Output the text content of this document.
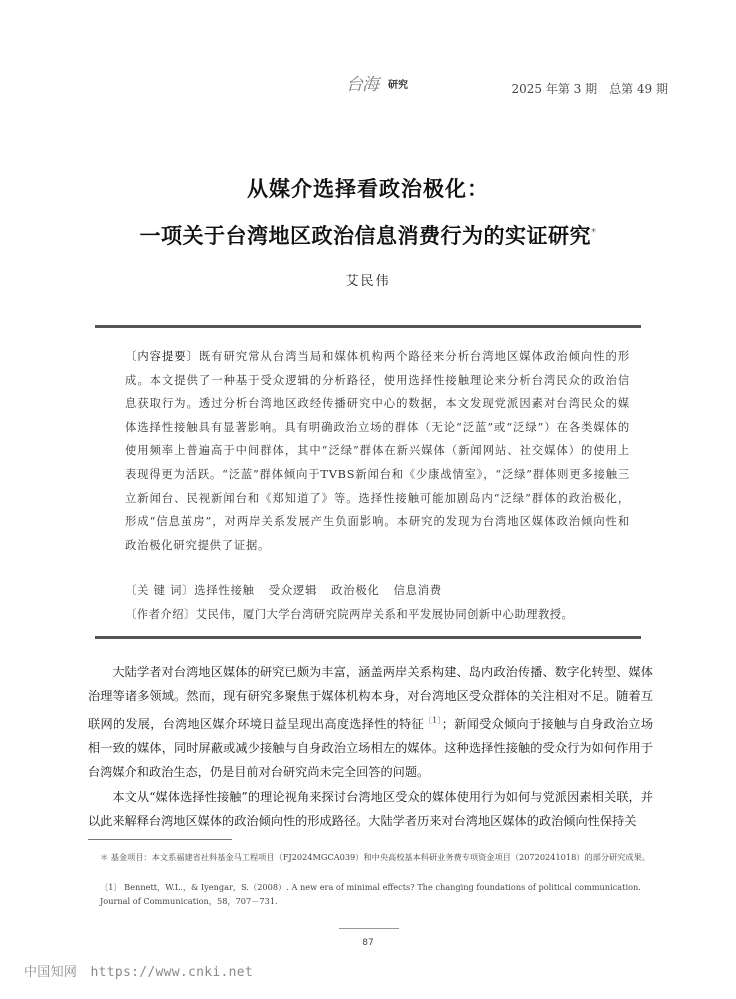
台海 研究	2025 年第 3 期　总第 49 期
从媒介选择看政治极化：
一项关于台湾地区政治信息消费行为的实证研究*
艾民伟
〔内容提要〕既有研究常从台湾当局和媒体机构两个路径来分析台湾地区媒体政治倾向性的形成。本文提供了一种基于受众逻辑的分析路径，使用选择性接触理论来分析台湾民众的政治信息获取行为。透过分析台湾地区政经传播研究中心的数据，本文发现党派因素对台湾民众的媒体选择性接触具有显著影响。具有明确政治立场的群体（无论“泛蓝”或“泛绿”）在各类媒体的使用频率上普遍高于中间群体，其中“泛绿”群体在新兴媒体（新闻网站、社交媒体）的使用上表现得更为活跃。“泛蓝”群体倾向于TVBS新闻台和《少康战情室》，“泛绿”群体则更多接触三立新闻台、民视新闻台和《郑知道了》等。选择性接触可能加剧岛内“泛绿”群体的政治极化，形成“信息茧房”，对两岸关系发展产生负面影响。本研究的发现为台湾地区媒体政治倾向性和政治极化研究提供了证据。
〔关 键 词〕选择性接触 受众逻辑 政治极化 信息消费
〔作者介绍〕艾民伟，厦门大学台湾研究院两岸关系和平发展协同创新中心助理教授。

大陆学者对台湾地区媒体的研究已颇为丰富，涵盖两岸关系构建、岛内政治传播、数字化转型、媒体治理等诸多领域。然而，现有研究多聚焦于媒体机构本身，对台湾地区受众群体的关注相对不足。随着互联网的发展，台湾地区媒介环境日益呈现出高度选择性的特征$^{〔1〕}$；新闻受众倾向于接触与自身政治立场相一致的媒体，同时屏蔽或减少接触与自身政治立场相左的媒体。这种选择性接触的受众行为如何作用于台湾媒介和政治生态，仍是目前对台研究尚未完全回答的问题。

本文从“媒体选择性接触”的理论视角来探讨台湾地区受众的媒体使用行为如何与党派因素相关联，并以此来解释台湾地区媒体的政治倾向性的形成路径。大陆学者历来对台湾地区媒体的政治倾向性保持关

＊ 基金项目：本文系福建省社科基金马工程项目（FJ2024MGCA039）和中央高校基本科研业务费专项资金项目（20720241018）的部分研究成果。
〔1〕 Bennett，W.L.，& Iyengar，S.（2008）. A new era of minimal effects? The changing foundations of political communication. Journal of Communication，58，707－731.
87
中国知网　https://www.cnki.net
